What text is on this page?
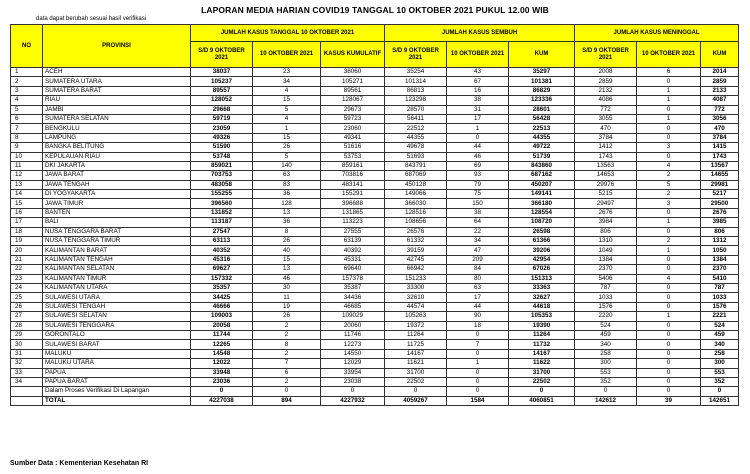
LAPORAN MEDIA HARIAN COVID19 TANGGAL 10 OKTOBER 2021 PUKUL 12.00 WIB
data dapat berubah sesuai hasil verifikasi
NO	PROVINSI	JUMLAH KASUS TANGGAL 10 OKTOBER 2021			JUMLAH KASUS SEMBUH			JUMLAH KASUS MENINGGAL		
		S/D 9 OKTOBER 2021	10 OKTOBER 2021	KASUS KUMULATIF	S/D 9 OKTOBER 2021	10 OKTOBER 2021	KUM	S/D 9 OKTOBER 2021	10 OKTOBER 2021	KUM
1	ACEH	38037	23	38060	35254	43	35297	2008	6	2014
2	SUMATERA UTARA	105237	34	105271	101314	67	101381	2859	0	2859
3	SUMATERA BARAT	89557	4	89561	86813	16	86829	2132	1	2133
4	RIAU	128052	15	128067	123298	38	123336	4086	1	4087
5	JAMBI	29668	5	29673	28570	31	28601	772	0	772
6	SUMATERA SELATAN	59719	4	59723	56411	17	56428	3055	1	3056
7	BENGKULU	23059	1	23060	22512	1	22513	470	0	470
8	LAMPUNG	49326	15	49341	44355	0	44355	3784	0	3784
9	BANGKA BELITUNG	51590	26	51616	49678	44	49722	1412	3	1415
10	KEPULAUAN RIAU	53748	5	53753	51693	46	51739	1743	0	1743
11	DKI JAKARTA	859021	140	859161	843791	69	843860	13563	4	13567
12	JAWA BARAT	703753	63	703816	687069	93	687162	14653	2	14655
13	JAWA TENGAH	483058	83	483141	450128	79	450207	29976	5	29981
14	DI YOGYAKARTA	155255	36	155291	149066	75	149141	5215	2	5217
15	JAWA TIMUR	396560	128	396688	366030	150	366180	29497	3	29500
16	BANTEN	131852	13	131865	128516	38	128554	2676	0	2676
17	BALI	113187	36	113223	108656	64	108720	3984	1	3985
18	NUSA TENGGARA BARAT	27547	8	27555	26576	22	26598	806	0	806
19	NUSA TENGGARA TIMUR	63113	26	63139	61332	34	61366	1310	2	1312
20	KALIMANTAN BARAT	40352	40	40392	39159	47	39206	1049	1	1050
21	KALIMANTAN TENGAH	45316	15	45331	42745	209	42954	1384	0	1384
22	KALIMANTAN SELATAN	69627	13	69640	66942	84	67026	2370	0	2370
23	KALIMANTAN TIMUR	157332	46	157378	151233	80	151313	5406	4	5410
24	KALIMANTAN UTARA	35357	30	35387	33300	63	33363	787	0	787
25	SULAWESI UTARA	34425	11	34436	32610	17	32627	1033	0	1033
26	SULAWESI TENGAH	46666	19	46685	44574	44	44618	1576	0	1576
27	SULAWESI SELATAN	109003	26	109029	105263	90	105353	2220	1	2221
28	SULAWESI TENGGARA	20058	2	20060	19372	18	19390	524	0	524
29	GORONTALO	11744	2	11746	11264	0	11264	459	0	459
30	SULAWESI BARAT	12265	8	12273	11725	7	11732	340	0	340
31	MALUKU	14548	2	14550	14167	0	14167	258	0	258
32	MALUKU UTARA	12022	7	12029	11621	1	11622	300	0	300
33	PAPUA	33948	6	33954	31700	0	31700	553	0	553
34	PAPUA BARAT	23036	2	23038	22502	0	22502	352	0	352
	Dalam Proses Verifikasi Di Lapangan	0	0	0	0	0	0	0	0	0
	TOTAL	4227038	894	4227932	4059267	1584	4060851	142612	39	142651
Sumber Data : Kementerian Kesehatan RI
